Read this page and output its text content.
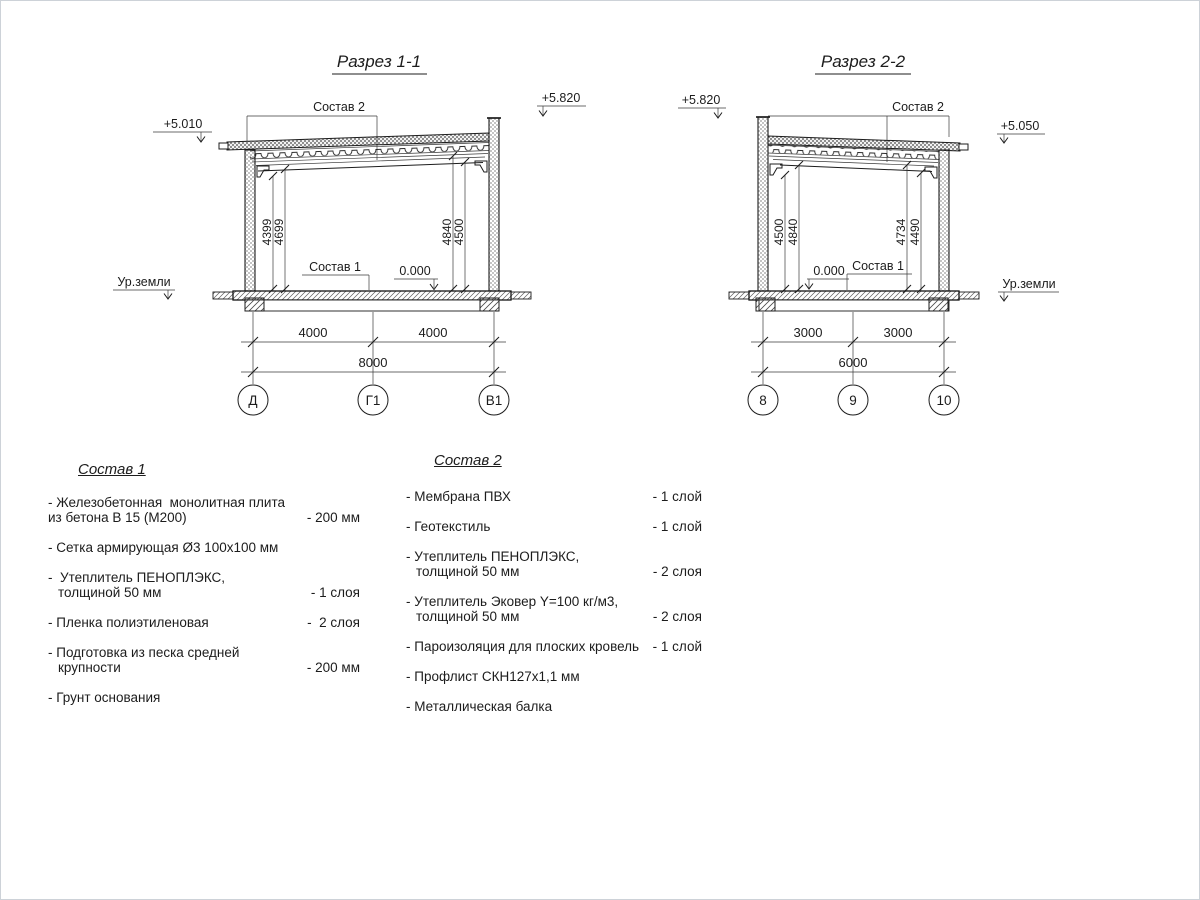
Разрез 1-1
Состав 2
4399
4699	4840
4500
Состав 1	0.000
+5.010
+5.820
Ур.земли
4000	4000
8000
Д	Г1	В1
Разрез 2-2
Состав 2
4500 4840	4734 4490
Состав 1
0.000
+5.820
+5.050
Ур.земли
3000	3000
6000
8	9	10
Состав 1
- Железобетонная  монолитная плита
из бетона В 15 (М200)	- 200 мм
- Сетка армирующая Ø3 100х100 мм
-  Утеплитель ПЕНОПЛЭКС,
толщиной 50 мм	- 1 слоя
- Пленка полиэтиленовая	-  2 слоя
- Подготовка из песка средней
крупности	- 200 мм
- Грунт основания
Состав 2
- Мембрана ПВХ	- 1 слой
- Геотекстиль	- 1 слой
- Утеплитель ПЕНОПЛЭКС,
толщиной 50 мм	- 2 слоя
- Утеплитель Эковер Y=100 кг/м3,
толщиной 50 мм	- 2 слоя
- Пароизоляция для плоских кровель - 1 слой
- Профлист СКН127х1,1 мм
- Металлическая балка
